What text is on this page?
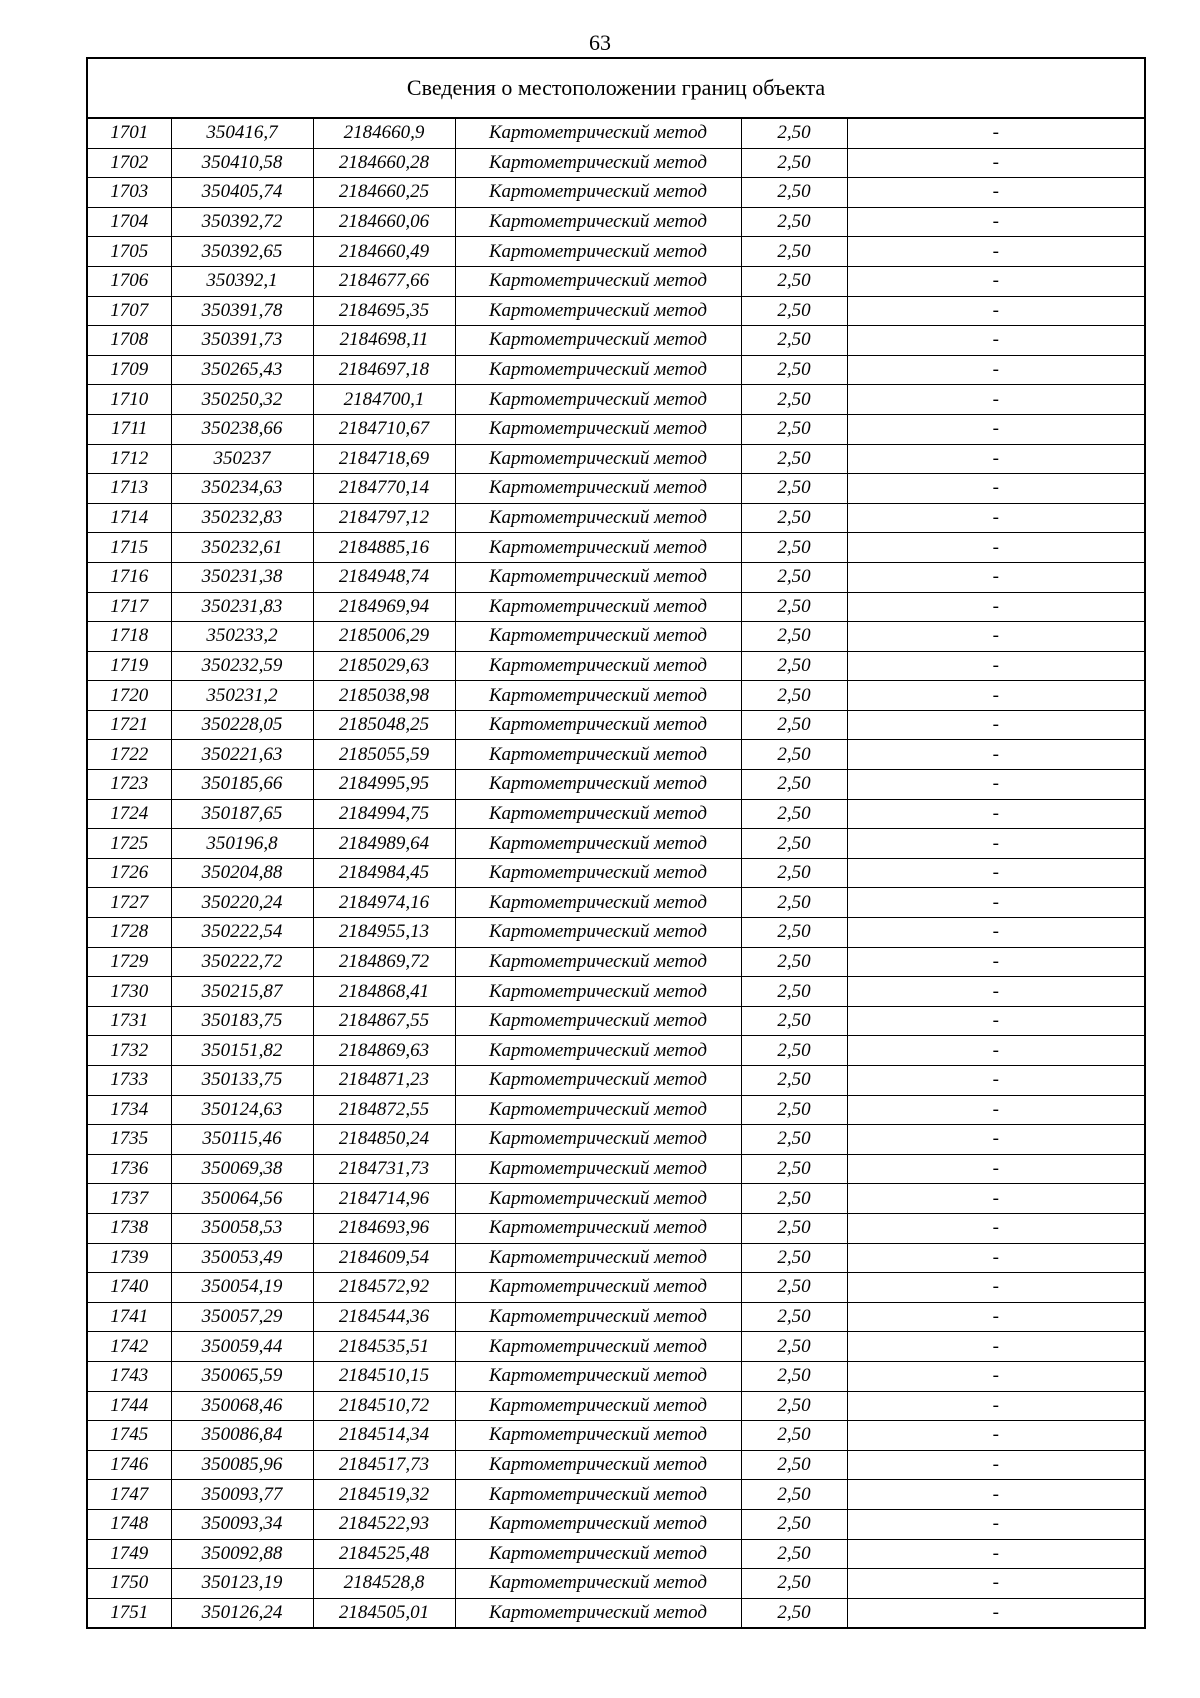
63
Сведения о местоположении границ объекта
1701	350416,7	2184660,9	Картометрический метод	2,50	-
1702	350410,58	2184660,28	Картометрический метод	2,50	-
1703	350405,74	2184660,25	Картометрический метод	2,50	-
1704	350392,72	2184660,06	Картометрический метод	2,50	-
1705	350392,65	2184660,49	Картометрический метод	2,50	-
1706	350392,1	2184677,66	Картометрический метод	2,50	-
1707	350391,78	2184695,35	Картометрический метод	2,50	-
1708	350391,73	2184698,11	Картометрический метод	2,50	-
1709	350265,43	2184697,18	Картометрический метод	2,50	-
1710	350250,32	2184700,1	Картометрический метод	2,50	-
1711	350238,66	2184710,67	Картометрический метод	2,50	-
1712	350237	2184718,69	Картометрический метод	2,50	-
1713	350234,63	2184770,14	Картометрический метод	2,50	-
1714	350232,83	2184797,12	Картометрический метод	2,50	-
1715	350232,61	2184885,16	Картометрический метод	2,50	-
1716	350231,38	2184948,74	Картометрический метод	2,50	-
1717	350231,83	2184969,94	Картометрический метод	2,50	-
1718	350233,2	2185006,29	Картометрический метод	2,50	-
1719	350232,59	2185029,63	Картометрический метод	2,50	-
1720	350231,2	2185038,98	Картометрический метод	2,50	-
1721	350228,05	2185048,25	Картометрический метод	2,50	-
1722	350221,63	2185055,59	Картометрический метод	2,50	-
1723	350185,66	2184995,95	Картометрический метод	2,50	-
1724	350187,65	2184994,75	Картометрический метод	2,50	-
1725	350196,8	2184989,64	Картометрический метод	2,50	-
1726	350204,88	2184984,45	Картометрический метод	2,50	-
1727	350220,24	2184974,16	Картометрический метод	2,50	-
1728	350222,54	2184955,13	Картометрический метод	2,50	-
1729	350222,72	2184869,72	Картометрический метод	2,50	-
1730	350215,87	2184868,41	Картометрический метод	2,50	-
1731	350183,75	2184867,55	Картометрический метод	2,50	-
1732	350151,82	2184869,63	Картометрический метод	2,50	-
1733	350133,75	2184871,23	Картометрический метод	2,50	-
1734	350124,63	2184872,55	Картометрический метод	2,50	-
1735	350115,46	2184850,24	Картометрический метод	2,50	-
1736	350069,38	2184731,73	Картометрический метод	2,50	-
1737	350064,56	2184714,96	Картометрический метод	2,50	-
1738	350058,53	2184693,96	Картометрический метод	2,50	-
1739	350053,49	2184609,54	Картометрический метод	2,50	-
1740	350054,19	2184572,92	Картометрический метод	2,50	-
1741	350057,29	2184544,36	Картометрический метод	2,50	-
1742	350059,44	2184535,51	Картометрический метод	2,50	-
1743	350065,59	2184510,15	Картометрический метод	2,50	-
1744	350068,46	2184510,72	Картометрический метод	2,50	-
1745	350086,84	2184514,34	Картометрический метод	2,50	-
1746	350085,96	2184517,73	Картометрический метод	2,50	-
1747	350093,77	2184519,32	Картометрический метод	2,50	-
1748	350093,34	2184522,93	Картометрический метод	2,50	-
1749	350092,88	2184525,48	Картометрический метод	2,50	-
1750	350123,19	2184528,8	Картометрический метод	2,50	-
1751	350126,24	2184505,01	Картометрический метод	2,50	-
